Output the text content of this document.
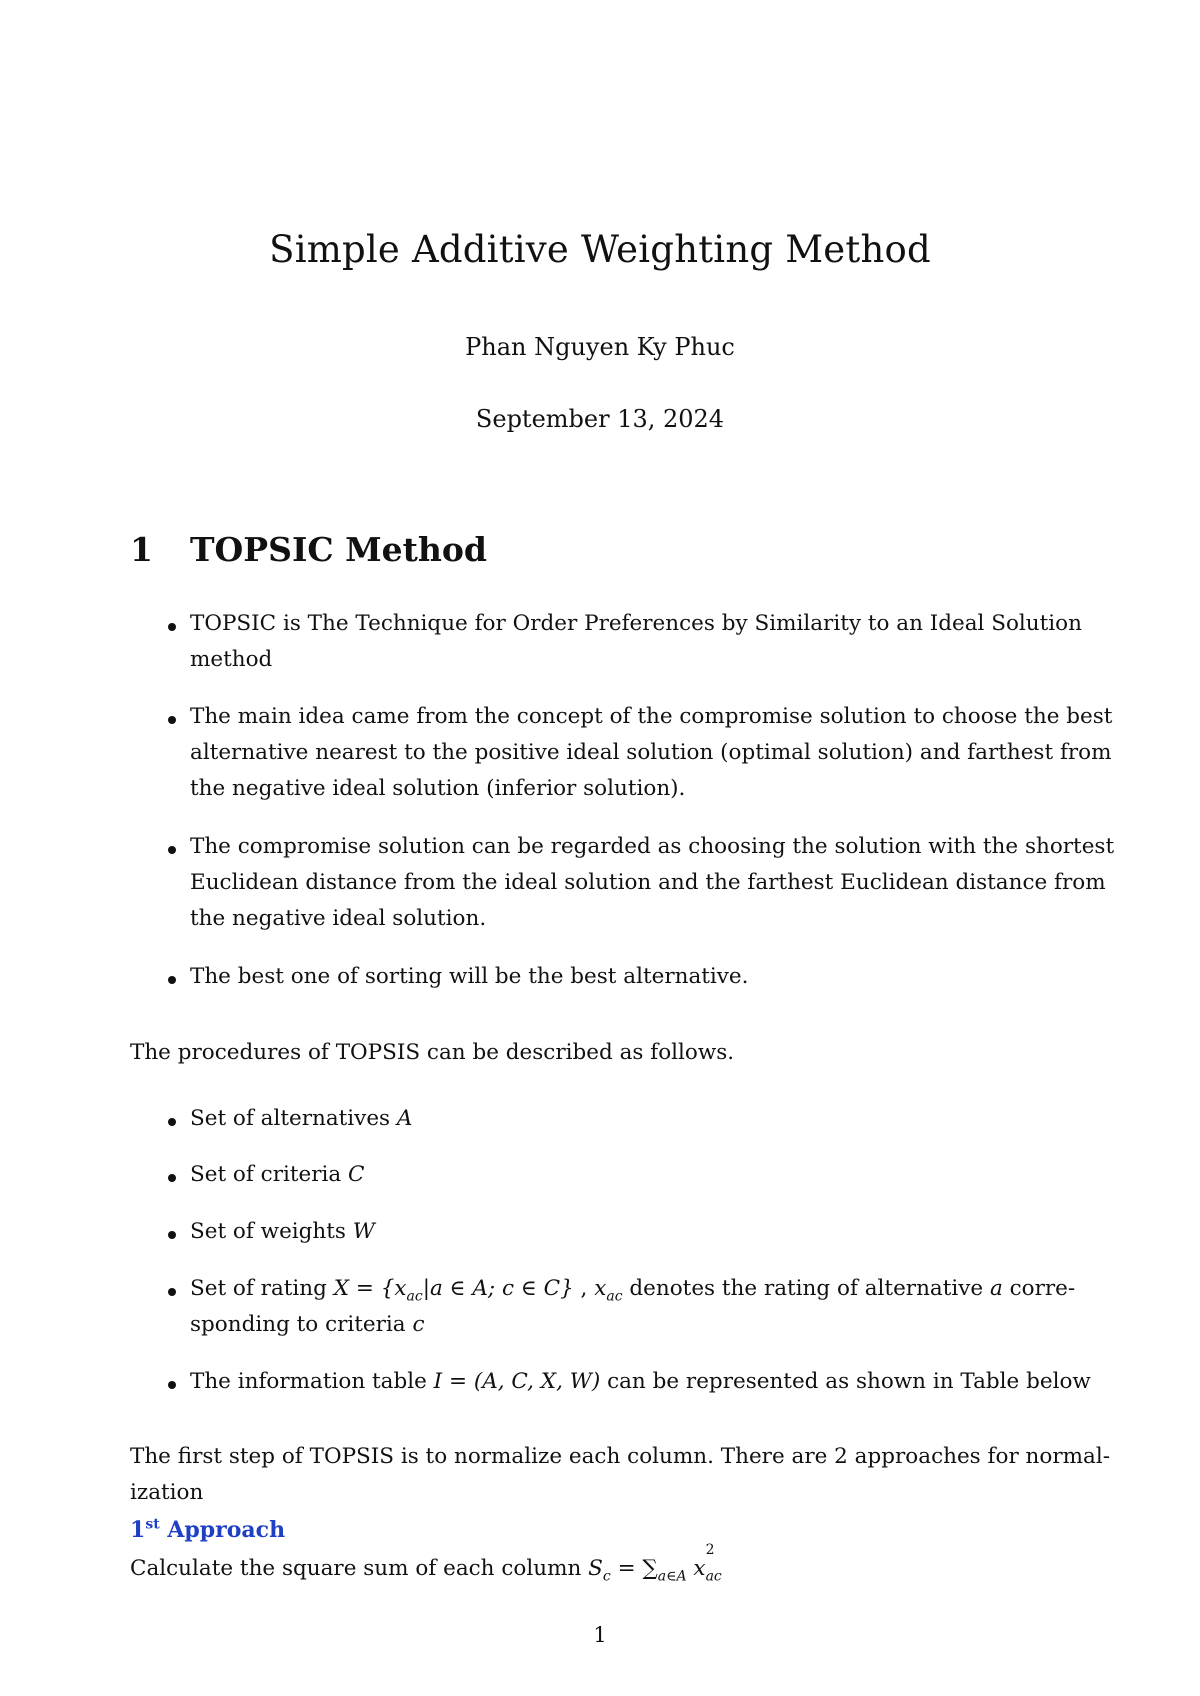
Simple Additive Weighting Method
Phan Nguyen Ky Phuc
September 13, 2024
1 TOPSIC Method
TOPSIC is The Technique for Order Preferences by Similarity to an Ideal Solution
method
The main idea came from the concept of the compromise solution to choose the best
alternative nearest to the positive ideal solution (optimal solution) and farthest from
the negative ideal solution (inferior solution).
The compromise solution can be regarded as choosing the solution with the shortest
Euclidean distance from the ideal solution and the farthest Euclidean distance from
the negative ideal solution.
The best one of sorting will be the best alternative.
The procedures of TOPSIS can be described as follows.
Set of alternatives A
Set of criteria C
Set of weights W
Set of rating $X = \{x_{ac}|a$ ∈ A; c ∈ C} , $x_{ac}$ denotes the rating of alternative a corre-
sponding to criteria c
The information table I = (A, C, X, W) can be represented as shown in Table below
The first step of TOPSIS is to normalize each column. There are 2 approaches for normal-
ization
1st Approach
Calculate the square sum of each column $S_c = \sum_{a\in A}$ x
2
$_{ac}$
1
